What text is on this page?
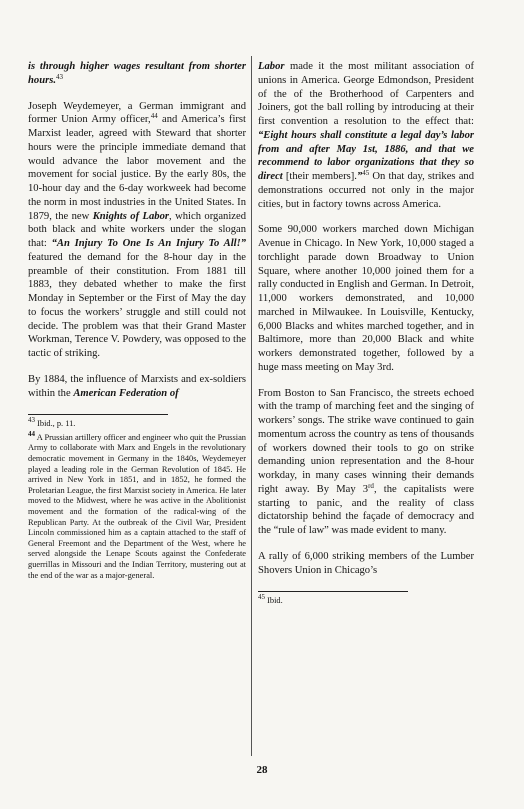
is through higher wages resultant from shorter hours.$^{43}$

Joseph Weydemeyer, a German immigrant and former Union Army officer,$^{44}$ and America’s first Marxist leader, agreed with Steward that shorter hours were the principle immediate demand that would advance the labor movement and the movement for social justice. By the early 80s, the 10-hour day and the 6-day workweek had become the norm in most industries in the United States. In 1879, the new Knights of Labor, which organized both black and white workers under the slogan that: “An Injury To One Is An Injury To All!” featured the demand for the 8-hour day in the preamble of their constitution. From 1881 till 1883, they debated whether to make the first Monday in September or the First of May the day to focus the workers’ struggle and still could not decide. The problem was that their Grand Master Workman, Terence V. Powdery, was opposed to the tactic of striking.

By 1884, the influence of Marxists and ex-soldiers within the American Federation of

$^{43}$ Ibid., p. 11.
$^{44}$ A Prussian artillery officer and engineer who quit the Prussian Army to collaborate with Marx and Engels in the revolutionary democratic movement in Germany in the 1840s, Weydemeyer played a leading role in the German Revolution of 1845. He arrived in New York in 1851, and in 1852, he formed the Proletarian League, the first Marxist society in America. He later moved to the Midwest, where he was active in the Abolitionist movement and the formation of the radical-wing of the Republican Party. At the outbreak of the Civil War, President Lincoln commissioned him as a captain attached to the staff of General Freemont and the Department of the West, where he served alongside the Lenape Scouts against the Confederate guerrillas in Missouri and the Indian Territory, mustering out at the end of the war as a major-general.

Labor made it the most militant association of unions in America. George Edmondson, President of the of the Brotherhood of Carpenters and Joiners, got the ball rolling by introducing at their first convention a resolution to the effect that: “Eight hours shall constitute a legal day’s labor from and after May 1st, 1886, and that we recommend to labor organizations that they so direct [their members].”$^{45}$ On that day, strikes and demonstrations occurred not only in the major cities, but in factory towns across America.

Some 90,000 workers marched down Michigan Avenue in Chicago. In New York, 10,000 staged a torchlight parade down Broadway to Union Square, where another 10,000 joined them for a rally conducted in English and German. In Detroit, 11,000 workers demonstrated, and 10,000 marched in Milwaukee. In Louisville, Kentucky, 6,000 Blacks and whites marched together, and in Baltimore, more than 20,000 Black and white workers demonstrated together, followed by a huge mass meeting on May 3rd.

From Boston to San Francisco, the streets echoed with the tramp of marching feet and the singing of workers’ songs. The strike wave continued to gain momentum across the country as tens of thousands of workers downed their tools to go on strike demanding union representation and the 8-hour workday, in many cases winning their demands right away. By May 3rd, the capitalists were starting to panic, and the reality of class dictatorship behind the façade of democracy and the “rule of law” was made evident to many.

A rally of 6,000 striking members of the Lumber Shovers Union in Chicago’s

$^{45}$ Ibid.
28
